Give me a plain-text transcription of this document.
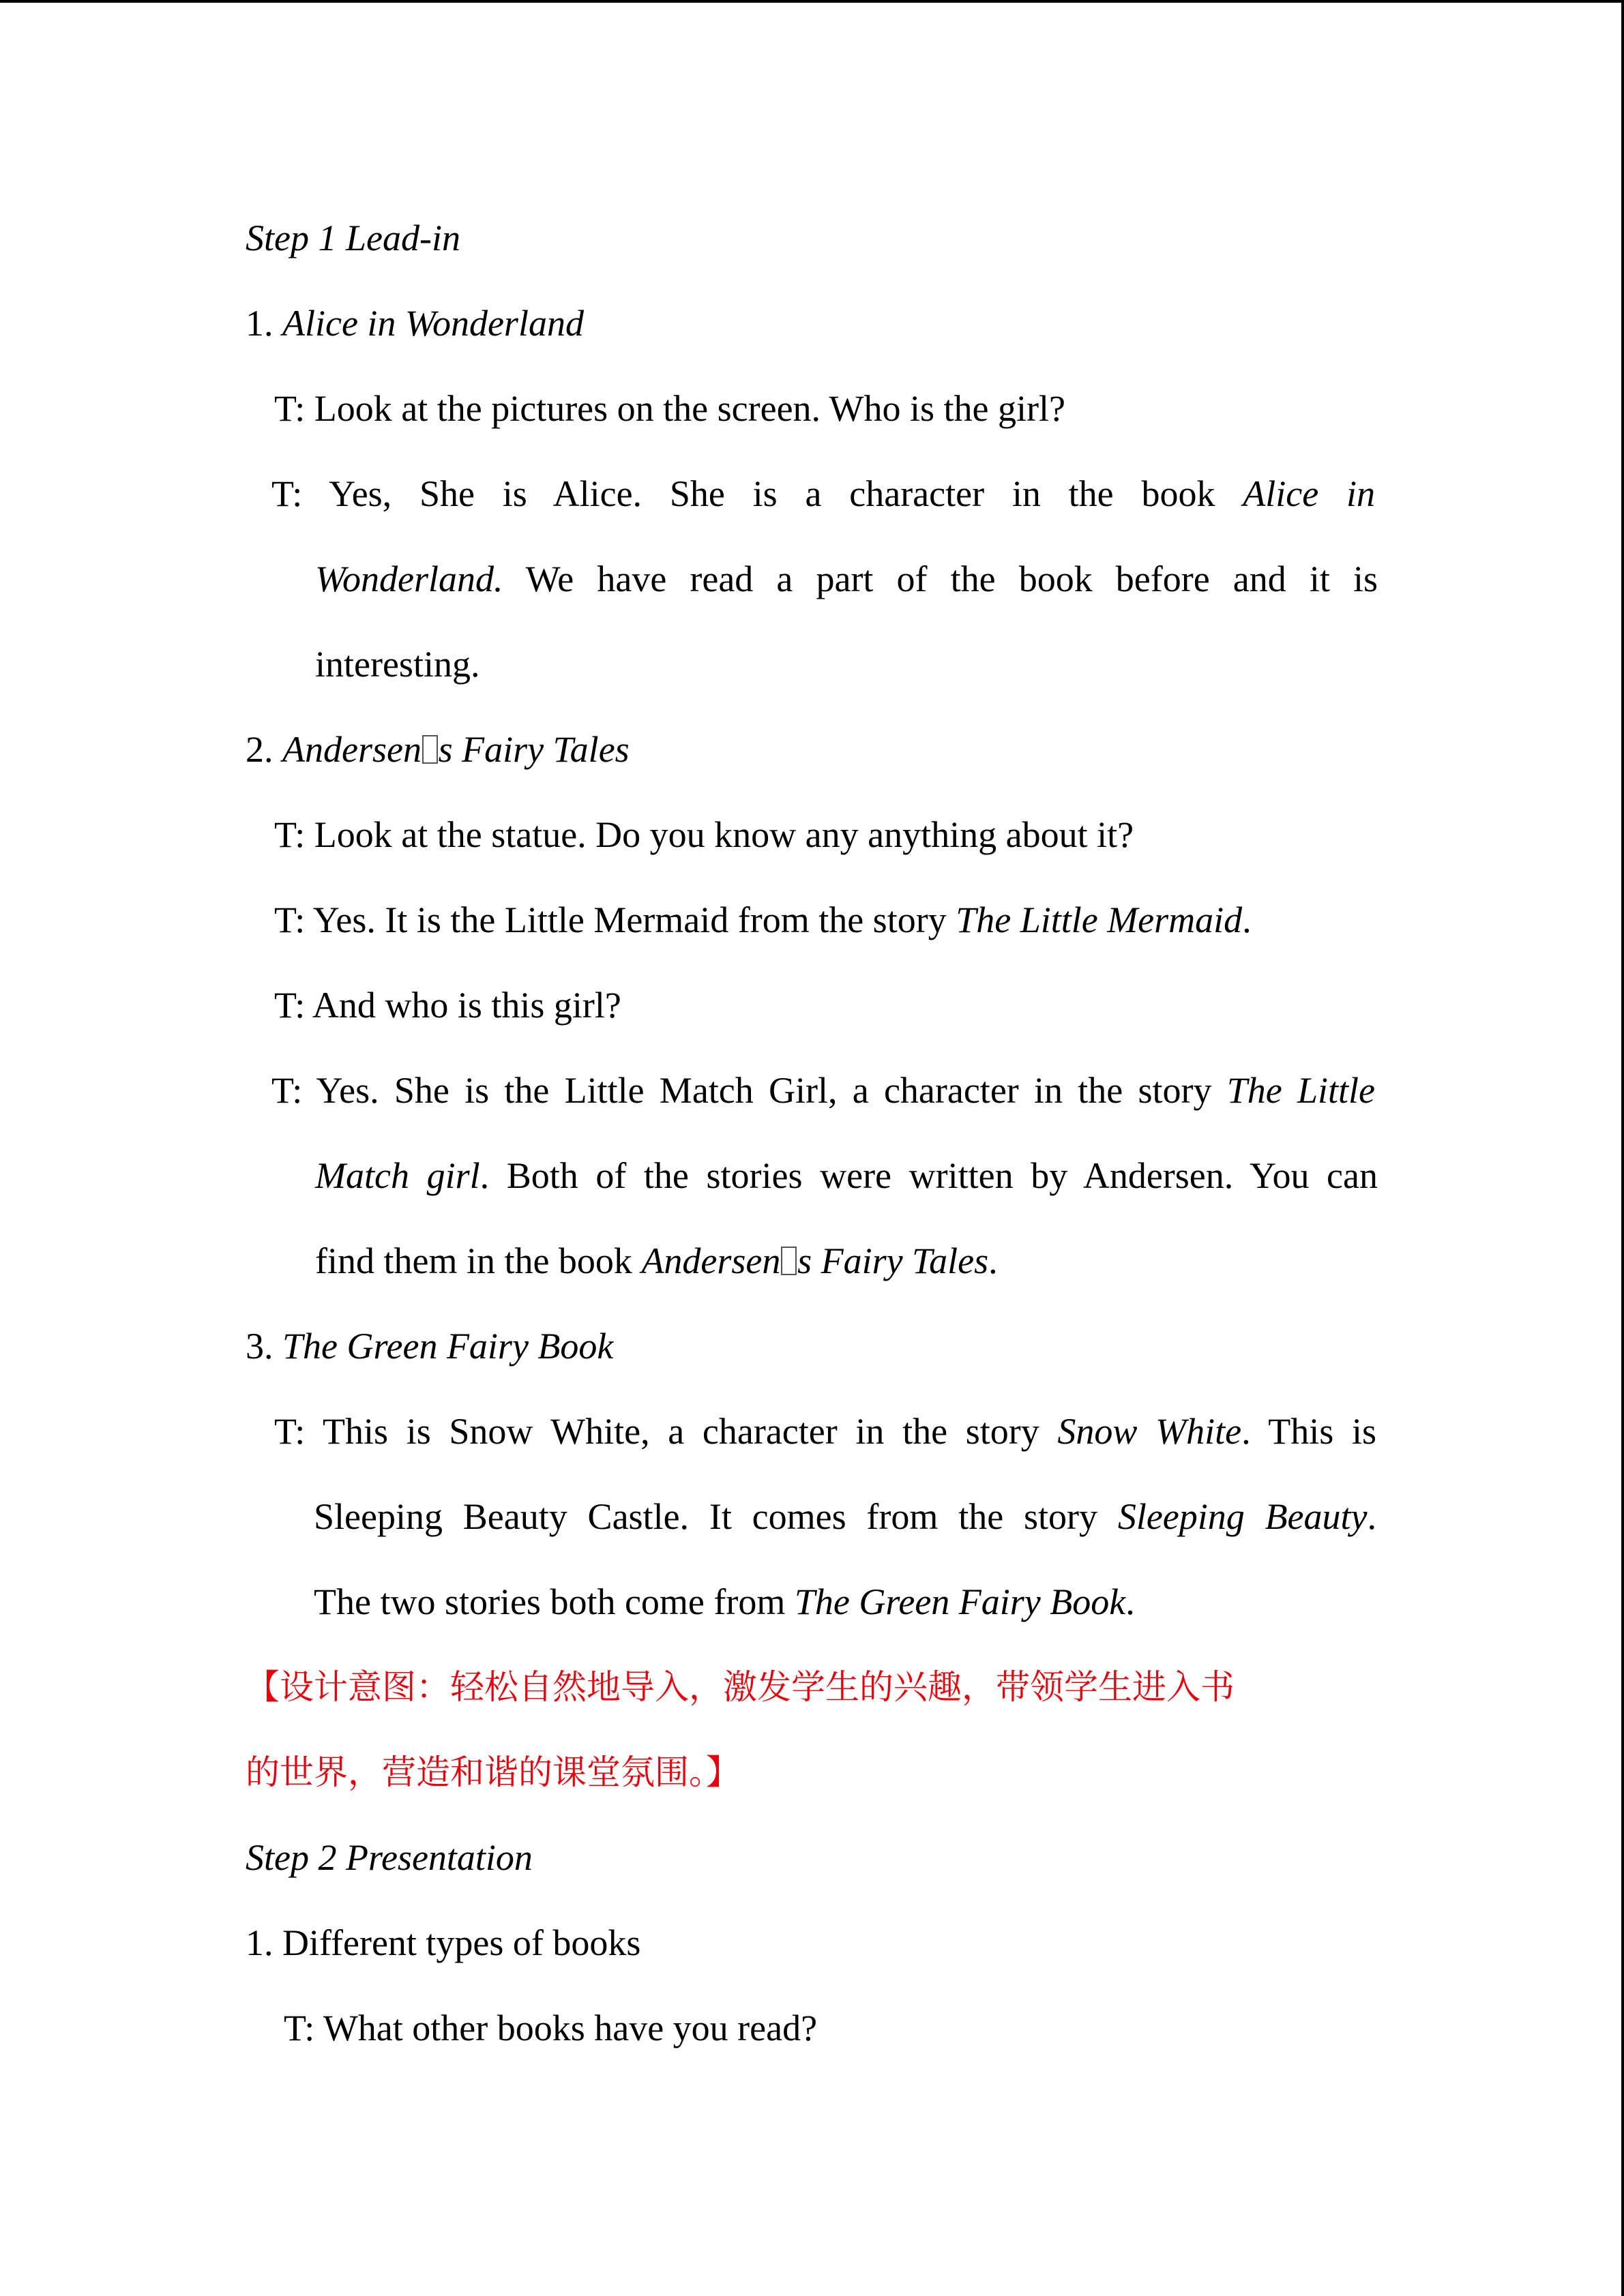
Step 1 Lead-in
1. Alice in Wonderland
T: Look at the pictures on the screen. Who is the girl?
T: Yes, She is Alice. She is a character in the book Alice in
Wonderland. We have read a part of the book before and it is
interesting.
2. Andersen s Fairy Tales
T: Look at the statue. Do you know any anything about it?
T: Yes. It is the Little Mermaid from the story The Little Mermaid.
T: And who is this girl?
T: Yes. She is the Little Match Girl, a character in the story The Little
Match girl. Both of the stories were written by Andersen. You can
find them in the book Andersen s Fairy Tales.
3. The Green Fairy Book
T: This is Snow White, a character in the story Snow White. This is
Sleeping Beauty Castle. It comes from the story Sleeping Beauty.
The two stories both come from The Green Fairy Book.
【设计意图：轻松自然地导入，激发学生的兴趣，带领学生进入书
的世界，营造和谐的课堂氛围。】
Step 2 Presentation
1. Different types of books
T: What other books have you read?
